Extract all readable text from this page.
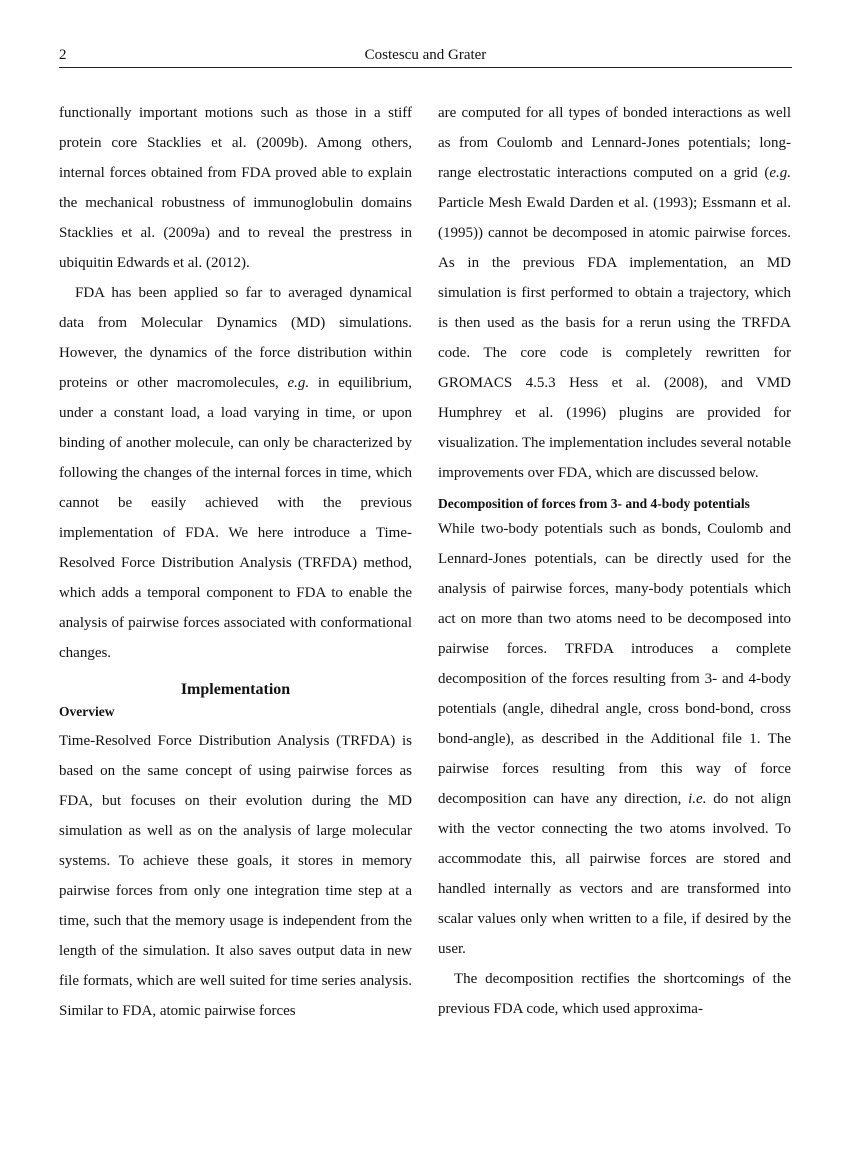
2	Costescu and Grater

functionally important motions such as those in a stiff protein core Stacklies et al. (2009b). Among others, internal forces obtained from FDA proved able to explain the mechanical robustness of immunoglobulin domains Stacklies et al. (2009a) and to reveal the prestress in ubiquitin Edwards et al. (2012).

FDA has been applied so far to averaged dynamical data from Molecular Dynamics (MD) simulations. However, the dynamics of the force distribution within proteins or other macromolecules, e.g. in equilibrium, under a constant load, a load varying in time, or upon binding of another molecule, can only be characterized by following the changes of the internal forces in time, which cannot be easily achieved with the previous implementation of FDA. We here introduce a Time-Resolved Force Distribution Analysis (TRFDA) method, which adds a temporal component to FDA to enable the analysis of pairwise forces associated with conformational changes.

Implementation
Overview

Time-Resolved Force Distribution Analysis (TRFDA) is based on the same concept of using pairwise forces as FDA, but focuses on their evolution during the MD simulation as well as on the analysis of large molecular systems. To achieve these goals, it stores in memory pairwise forces from only one integration time step at a time, such that the memory usage is independent from the length of the simulation. It also saves output data in new file formats, which are well suited for time series analysis. Similar to FDA, atomic pairwise forces

are computed for all types of bonded interactions as well as from Coulomb and Lennard-Jones potentials; long-range electrostatic interactions computed on a grid (e.g. Particle Mesh Ewald Darden et al. (1993); Essmann et al. (1995)) cannot be decomposed in atomic pairwise forces. As in the previous FDA implementation, an MD simulation is first performed to obtain a trajectory, which is then used as the basis for a rerun using the TRFDA code. The core code is completely rewritten for GROMACS 4.5.3 Hess et al. (2008), and VMD Humphrey et al. (1996) plugins are provided for visualization. The implementation includes several notable improvements over FDA, which are discussed below.

Decomposition of forces from 3- and 4-body potentials

While two-body potentials such as bonds, Coulomb and Lennard-Jones potentials, can be directly used for the analysis of pairwise forces, many-body potentials which act on more than two atoms need to be decomposed into pairwise forces. TRFDA introduces a complete decomposition of the forces resulting from 3- and 4-body potentials (angle, dihedral angle, cross bond-bond, cross bond-angle), as described in the Additional file 1. The pairwise forces resulting from this way of force decomposition can have any direction, i.e. do not align with the vector connecting the two atoms involved. To accommodate this, all pairwise forces are stored and handled internally as vectors and are transformed into scalar values only when written to a file, if desired by the user.

The decomposition rectifies the shortcomings of the previous FDA code, which used approxima-
